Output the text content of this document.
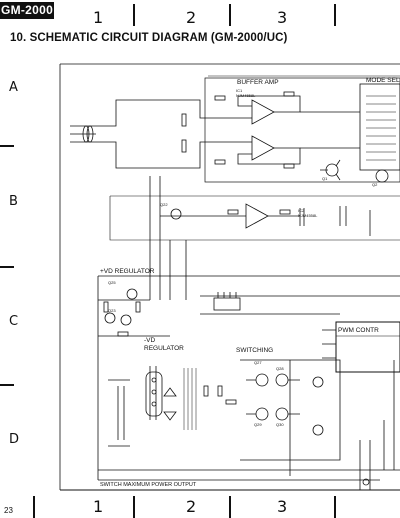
GM-2000 1	2	3
10. SCHEMATIC CIRCUIT DIAGRAM (GM-2000/UC)
A
B
C
D
1	2	3
23
BUFFER AMP	MODE SEL
+VD REGULATOR
-VD
REGULATOR	SWITCHING
PWM CONTR
SWITCH MAXIMUM POWER OUTPUT
IC1
NJM4558L
IC2
NJM4558L
Q1
Q2
Q22
Q25
Q23
Q27
Q28
Q29	Q30
